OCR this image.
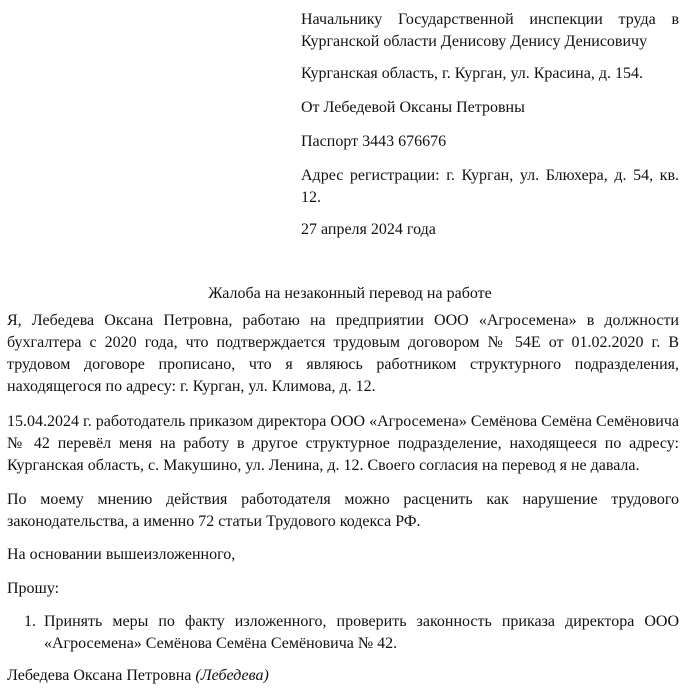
Начальнику Государственной инспекции труда в Курганской области Денисову Денису Денисовичу

Курганская область, г. Курган, ул. Красина, д. 154.

От Лебедевой Оксаны Петровны

Паспорт 3443 676676

Адрес регистрации: г. Курган, ул. Блюхера, д. 54, кв. 12.

27 апреля 2024 года

Жалоба на незаконный перевод на работе

Я, Лебедева Оксана Петровна, работаю на предприятии ООО «Агросемена» в должности бухгалтера с 2020 года, что подтверждается трудовым договором № 54Е от 01.02.2020 г. В трудовом договоре прописано, что я являюсь работником структурного подразделения, находящегося по адресу: г. Курган, ул. Климова, д. 12.

15.04.2024 г. работодатель приказом директора ООО «Агросемена» Семёнова Семёна Семёновича № 42 перевёл меня на работу в другое структурное подразделение, находящееся по адресу: Курганская область, с. Макушино, ул. Ленина, д. 12. Своего согласия на перевод я не давала.

По моему мнению действия работодателя можно расценить как нарушение трудового законодательства, а именно 72 статьи Трудового кодекса РФ.

На основании вышеизложенного,

Прошу:

1. Принять меры по факту изложенного, проверить законность приказа директора ООО «Агросемена» Семёнова Семёна Семёновича № 42.
Лебедева Оксана Петровна (Лебедева)
